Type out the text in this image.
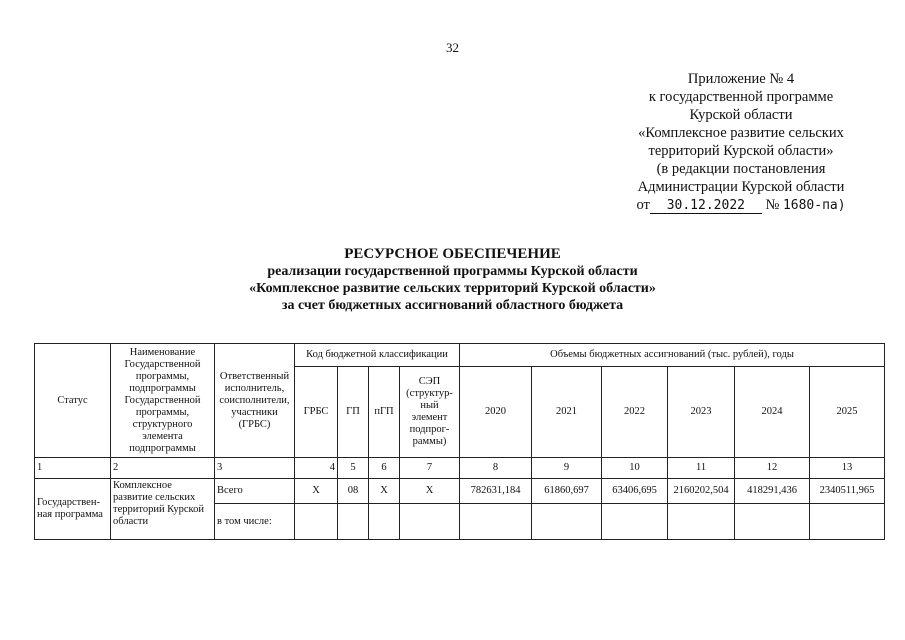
32
Приложение № 4
к государственной программе
Курской области
«Комплексное развитие сельских
территорий Курской области»
(в редакции постановления
Администрации Курской области
от 30.12.2022 № 1680-па)
РЕСУРСНОЕ ОБЕСПЕЧЕНИЕ
реализации государственной программы Курской области
«Комплексное развитие сельских территорий Курской области»
за счет бюджетных ассигнований областного бюджета
Статус	Наименование Государственной программы, подпрограммы Государственной программы, структурного элемента подпрограммы	Ответственный исполнитель, соисполнители, участники (ГРБС)	Код бюджетной классификации				Объемы бюджетных ассигнований (тыс. рублей), годы					
			ГРБС	ГП	пГП	СЭП (структур-ный элемент подпрог-раммы)	2020	2021	2022	2023	2024	2025
1	2	3	4	5	6	7	8	9	10	11	12	13
Государствен-ная программа	Комплексное развитие сельских территорий Курской области	Всего	Х	08	Х	Х	782631,184	61860,697	63406,695	2160202,504	418291,436	2340511,965
		в том числе:										
